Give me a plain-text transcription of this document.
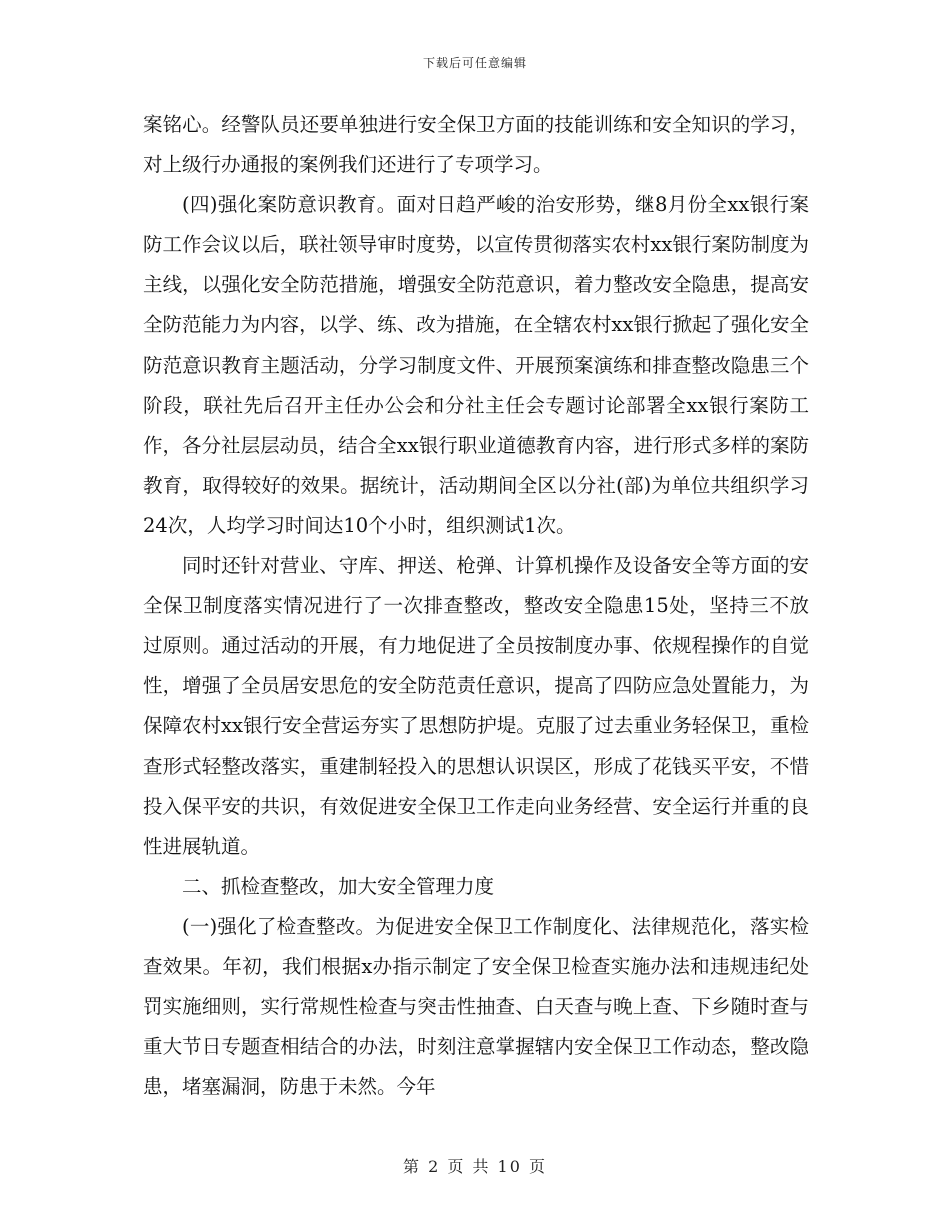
下载后可任意编辑

案铭心。经警队员还要单独进行安全保卫方面的技能训练和安全知识的学习，对上级行办通报的案例我们还进行了专项学习。

(四)强化案防意识教育。面对日趋严峻的治安形势，继8月份全xx银行案防工作会议以后，联社领导审时度势，以宣传贯彻落实农村xx银行案防制度为主线，以强化安全防范措施，增强安全防范意识，着力整改安全隐患，提高安全防范能力为内容，以学、练、改为措施，在全辖农村xx银行掀起了强化安全防范意识教育主题活动，分学习制度文件、开展预案演练和排查整改隐患三个阶段，联社先后召开主任办公会和分社主任会专题讨论部署全xx银行案防工作，各分社层层动员，结合全xx银行职业道德教育内容，进行形式多样的案防教育，取得较好的效果。据统计，活动期间全区以分社(部)为单位共组织学习24次，人均学习时间达10个小时，组织测试1次。

同时还针对营业、守库、押送、枪弹、计算机操作及设备安全等方面的安全保卫制度落实情况进行了一次排查整改，整改安全隐患15处，坚持三不放过原则。通过活动的开展，有力地促进了全员按制度办事、依规程操作的自觉性，增强了全员居安思危的安全防范责任意识，提高了四防应急处置能力，为保障农村xx银行安全营运夯实了思想防护堤。克服了过去重业务轻保卫，重检查形式轻整改落实，重建制轻投入的思想认识误区，形成了花钱买平安，不惜投入保平安的共识，有效促进安全保卫工作走向业务经营、安全运行并重的良性进展轨道。

二、抓检查整改，加大安全管理力度

(一)强化了检查整改。为促进安全保卫工作制度化、法律规范化，落实检查效果。年初，我们根据x办指示制定了安全保卫检查实施办法和违规违纪处罚实施细则，实行常规性检查与突击性抽查、白天查与晚上查、下乡随时查与重大节日专题查相结合的办法，时刻注意掌握辖内安全保卫工作动态，整改隐患，堵塞漏洞，防患于未然。今年

第 2 页 共 10 页
